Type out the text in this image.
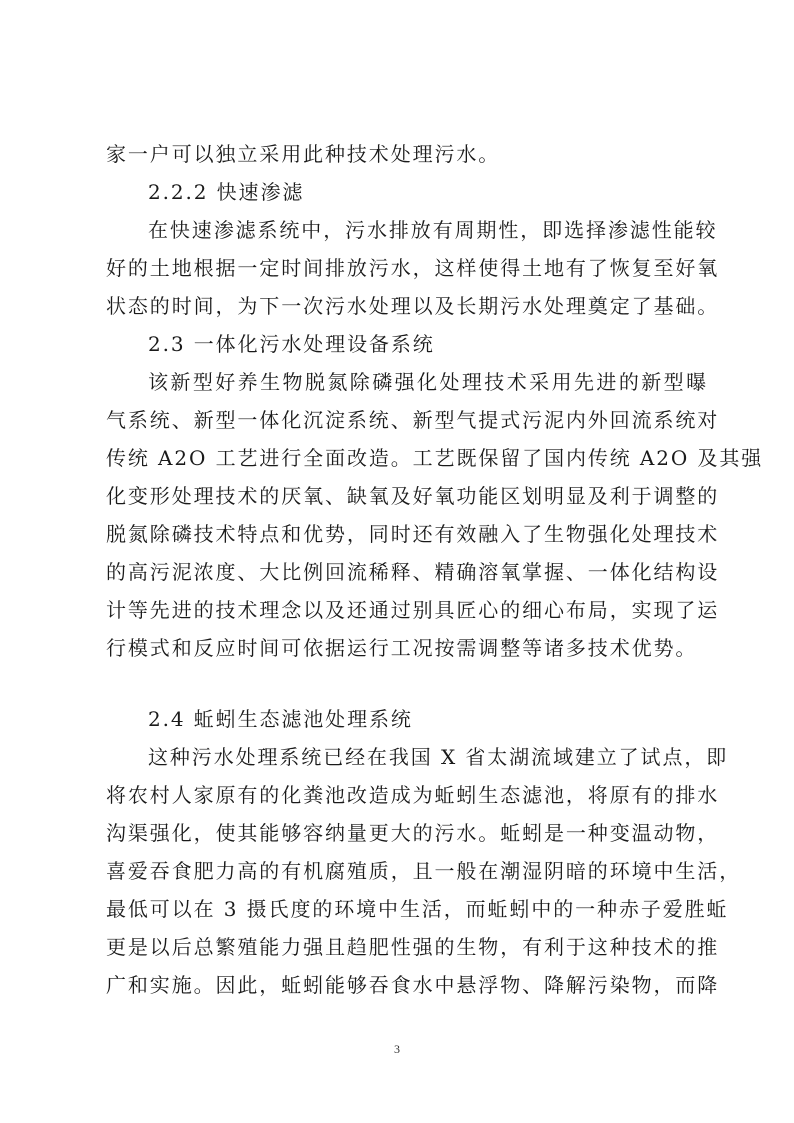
家一户可以独立采用此种技术处理污水。
2.2.2 快速渗滤
在快速渗滤系统中，污水排放有周期性，即选择渗滤性能较
好的土地根据一定时间排放污水，这样使得土地有了恢复至好氧
状态的时间，为下一次污水处理以及长期污水处理奠定了基础。
2.3 一体化污水处理设备系统
该新型好养生物脱氮除磷强化处理技术采用先进的新型曝
气系统、新型一体化沉淀系统、新型气提式污泥内外回流系统对
传统 A2O 工艺进行全面改造。工艺既保留了国内传统 A2O 及其强
化变形处理技术的厌氧、缺氧及好氧功能区划明显及利于调整的
脱氮除磷技术特点和优势，同时还有效融入了生物强化处理技术
的高污泥浓度、大比例回流稀释、精确溶氧掌握、一体化结构设
计等先进的技术理念以及还通过别具匠心的细心布局，实现了运
行模式和反应时间可依据运行工况按需调整等诸多技术优势。
2.4 蚯蚓生态滤池处理系统
这种污水处理系统已经在我国 X 省太湖流域建立了试点，即
将农村人家原有的化粪池改造成为蚯蚓生态滤池，将原有的排水
沟渠强化，使其能够容纳量更大的污水。蚯蚓是一种变温动物，
喜爱吞食肥力高的有机腐殖质，且一般在潮湿阴暗的环境中生活，
最低可以在 3 摄氏度的环境中生活，而蚯蚓中的一种赤子爱胜蚯
更是以后总繁殖能力强且趋肥性强的生物，有利于这种技术的推
广和实施。因此，蚯蚓能够吞食水中悬浮物、降解污染物，而降
3
